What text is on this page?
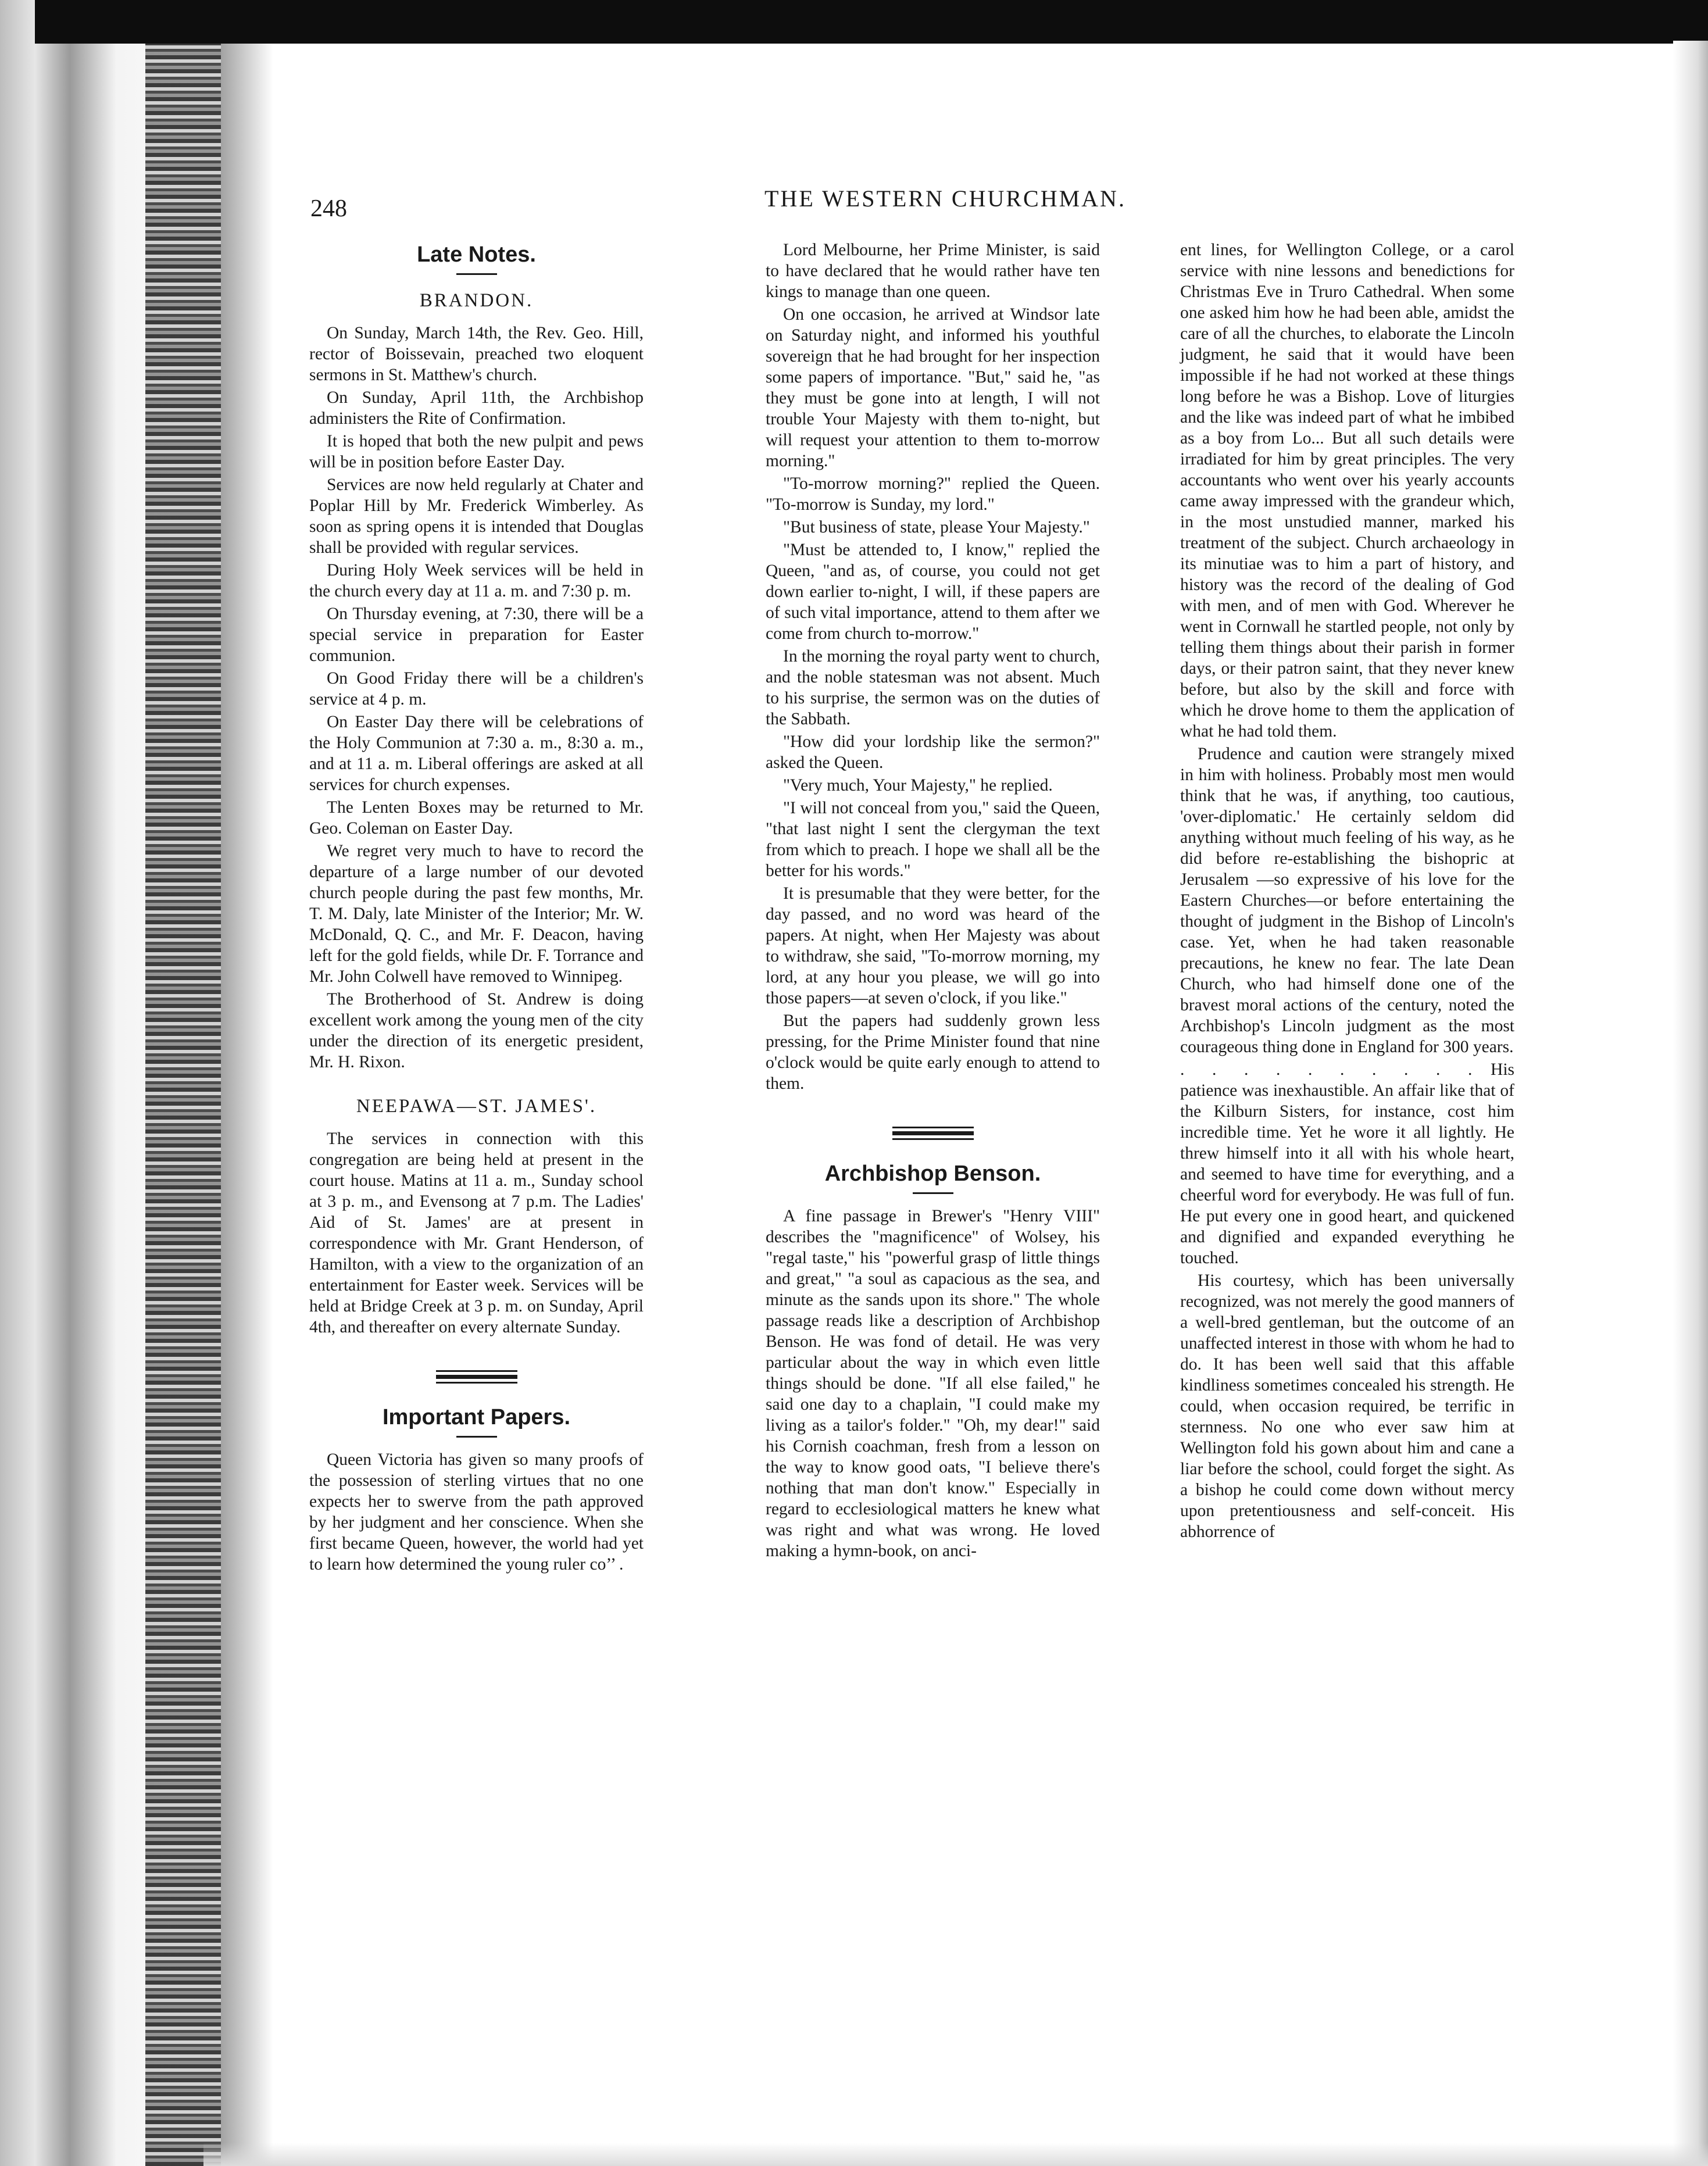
248	THE WESTERN CHURCHMAN.
Late Notes.
BRANDON.

On Sunday, March 14th, the Rev. Geo. Hill, rector of Boissevain, preached two eloquent sermons in St. Matthew's church.

On Sunday, April 11th, the Archbishop administers the Rite of Confirmation.

It is hoped that both the new pulpit and pews will be in position before Easter Day.

Services are now held regularly at Chater and Poplar Hill by Mr. Frederick Wimberley. As soon as spring opens it is intended that Douglas shall be provided with regular services.

During Holy Week services will be held in the church every day at 11 a. m. and 7:30 p. m.

On Thursday evening, at 7:30, there will be a special service in preparation for Easter communion.

On Good Friday there will be a children's service at 4 p. m.

On Easter Day there will be celebrations of the Holy Communion at 7:30 a. m., 8:30 a. m., and at 11 a. m. Liberal offerings are asked at all services for church expenses.

The Lenten Boxes may be returned to Mr. Geo. Coleman on Easter Day.

We regret very much to have to record the departure of a large number of our devoted church people during the past few months, Mr. T. M. Daly, late Minister of the Interior; Mr. W. McDonald, Q. C., and Mr. F. Deacon, having left for the gold fields, while Dr. F. Torrance and Mr. John Colwell have removed to Winnipeg.

The Brotherhood of St. Andrew is doing excellent work among the young men of the city under the direction of its energetic president, Mr. H. Rixon.

NEEPAWA—ST. JAMES'.

The services in connection with this congregation are being held at present in the court house. Matins at 11 a. m., Sunday school at 3 p. m., and Evensong at 7 p.m. The Ladies' Aid of St. James' are at present in correspondence with Mr. Grant Henderson, of Hamilton, with a view to the organization of an entertainment for Easter week. Services will be held at Bridge Creek at 3 p. m. on Sunday, April 4th, and thereafter on every alternate Sunday.

Important Papers.

Queen Victoria has given so many proofs of the possession of sterling virtues that no one expects her to swerve from the path approved by her judgment and her conscience. When she first became Queen, however, the world had yet to learn how determined the young ruler co’’ .

Lord Melbourne, her Prime Minister, is said to have declared that he would rather have ten kings to manage than one queen.

On one occasion, he arrived at Windsor late on Saturday night, and informed his youthful sovereign that he had brought for her inspection some papers of importance. "But," said he, "as they must be gone into at length, I will not trouble Your Majesty with them to-night, but will request your attention to them to-morrow morning."

"To-morrow morning?" replied the Queen. "To-morrow is Sunday, my lord."

"But business of state, please Your Majesty."

"Must be attended to, I know," replied the Queen, "and as, of course, you could not get down earlier to-night, I will, if these papers are of such vital importance, attend to them after we come from church to-morrow."

In the morning the royal party went to church, and the noble statesman was not absent. Much to his surprise, the sermon was on the duties of the Sabbath.

"How did your lordship like the sermon?" asked the Queen.

"Very much, Your Majesty," he replied.

"I will not conceal from you," said the Queen, "that last night I sent the clergyman the text from which to preach. I hope we shall all be the better for his words."

It is presumable that they were better, for the day passed, and no word was heard of the papers. At night, when Her Majesty was about to withdraw, she said, "To-morrow morning, my lord, at any hour you please, we will go into those papers—at seven o'clock, if you like."

But the papers had suddenly grown less pressing, for the Prime Minister found that nine o'clock would be quite early enough to attend to them.

Archbishop Benson.

A fine passage in Brewer's "Henry VIII" describes the "magnificence" of Wolsey, his "regal taste," his "powerful grasp of little things and great," "a soul as capacious as the sea, and minute as the sands upon its shore." The whole passage reads like a description of Archbishop Benson. He was fond of detail. He was very particular about the way in which even little things should be done. "If all else failed," he said one day to a chaplain, "I could make my living as a tailor's folder." "Oh, my dear!" said his Cornish coachman, fresh from a lesson on the way to know good oats, "I believe there's nothing that man don't know." Especially in regard to ecclesiological matters he knew what was right and what was wrong. He loved making a hymn-book, on anci-

ent lines, for Wellington College, or a carol service with nine lessons and benedictions for Christmas Eve in Truro Cathedral. When some one asked him how he had been able, amidst the care of all the churches, to elaborate the Lincoln judgment, he said that it would have been impossible if he had not worked at these things long before he was a Bishop. Love of liturgies and the like was indeed part of what he imbibed as a boy from Lo... But all such details were irradiated for him by great principles. The very accountants who went over his yearly accounts came away impressed with the grandeur which, in the most unstudied manner, marked his treatment of the subject. Church archaeology in its minutiae was to him a part of history, and history was the record of the dealing of God with men, and of men with God. Wherever he went in Cornwall he startled people, not only by telling them things about their parish in former days, or their patron saint, that they never knew before, but also by the skill and force with which he drove home to them the application of what he had told them.

Prudence and caution were strangely mixed in him with holiness. Probably most men would think that he was, if anything, too cautious, 'over-diplomatic.' He certainly seldom did anything without much feeling of his way, as he did before re-establishing the bishopric at Jerusalem —so expressive of his love for the Eastern Churches—or before entertaining the thought of judgment in the Bishop of Lincoln's case. Yet, when he had taken reasonable precautions, he knew no fear. The late Dean Church, who had himself done one of the bravest moral actions of the century, noted the Archbishop's Lincoln judgment as the most courageous thing done in England for 300 years.

. . . . . . . . . . His patience was inexhaustible. An affair like that of the Kilburn Sisters, for instance, cost him incredible time. Yet he wore it all lightly. He threw himself into it all with his whole heart, and seemed to have time for everything, and a cheerful word for everybody. He was full of fun. He put every one in good heart, and quickened and dignified and expanded everything he touched.

His courtesy, which has been universally recognized, was not merely the good manners of a well-bred gentleman, but the outcome of an unaffected interest in those with whom he had to do. It has been well said that this affable kindliness sometimes concealed his strength. He could, when occasion required, be terrific in sternness. No one who ever saw him at Wellington fold his gown about him and cane a liar before the school, could forget the sight. As a bishop he could come down without mercy upon pretentiousness and self-conceit. His abhorrence of
